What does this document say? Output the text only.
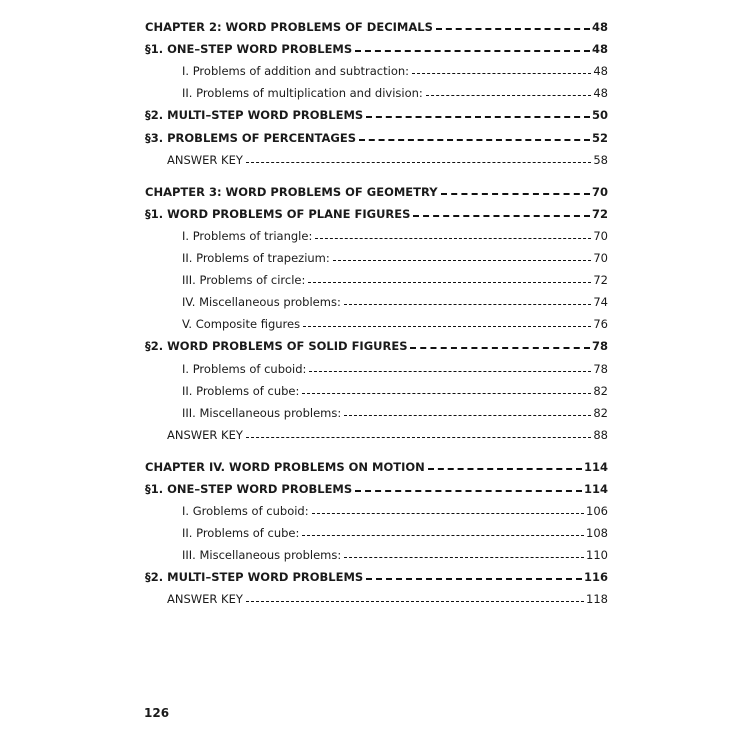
CHAPTER 2: WORD PROBLEMS OF DECIMALS	48
§1. ONE–STEP WORD PROBLEMS	48
I. Problems of addition and subtraction:	48
II. Problems of multiplication and division:	48
§2. MULTI–STEP WORD PROBLEMS	50
§3. PROBLEMS OF PERCENTAGES	52
ANSWER KEY	58
CHAPTER 3: WORD PROBLEMS OF GEOMETRY	70
§1. WORD PROBLEMS OF PLANE FIGURES	72
I. Problems of triangle:	70
II. Problems of trapezium:	70
III. Problems of circle:	72
IV. Miscellaneous problems:	74
V. Composite figures	76
§2. WORD PROBLEMS OF SOLID FIGURES	78
I. Problems of cuboid:	78
II. Problems of cube:	82
III. Miscellaneous problems:	82
ANSWER KEY	88
CHAPTER IV. WORD PROBLEMS ON MOTION	114
§1. ONE–STEP WORD PROBLEMS	114
I. Groblems of cuboid:	106
II. Problems of cube:	108
III. Miscellaneous problems:	110
§2. MULTI–STEP WORD PROBLEMS	116
ANSWER KEY	118
126
